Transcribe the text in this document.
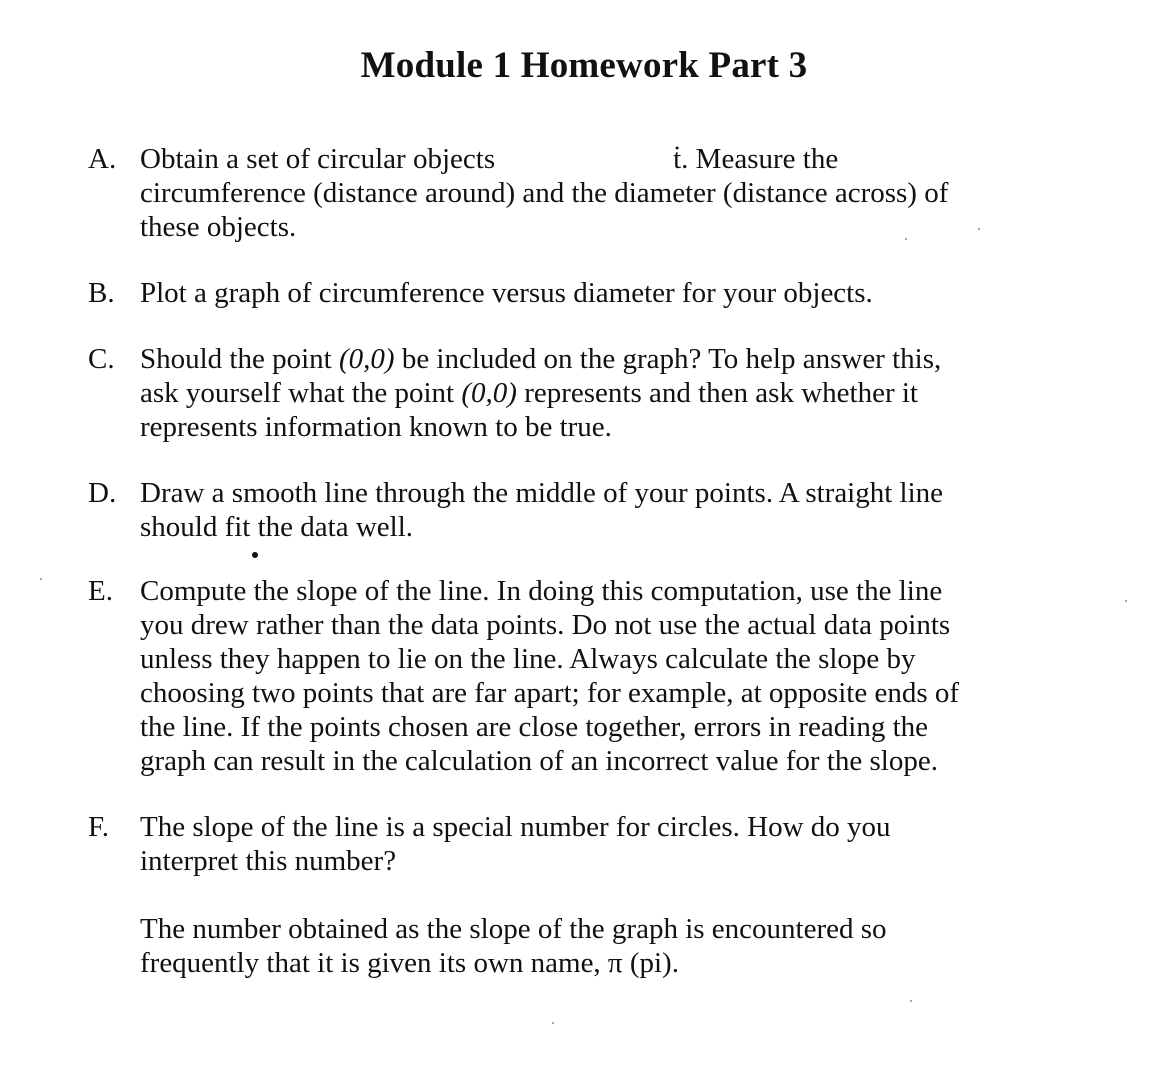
Module 1 Homework Part 3
A. Obtain a set of circular objects	ṫ. Measure the
circumference (distance around) and the diameter (distance across) of
these objects.
B. Plot a graph of circumference versus diameter for your objects.
C. Should the point (0,0) be included on the graph? To help answer this,
ask yourself what the point (0,0) represents and then ask whether it
represents information known to be true.
D. Draw a smooth line through the middle of your points. A straight line
should fit the data well.
E. Compute the slope of the line. In doing this computation, use the line
you drew rather than the data points. Do not use the actual data points
unless they happen to lie on the line. Always calculate the slope by
choosing two points that are far apart; for example, at opposite ends of
the line. If the points chosen are close together, errors in reading the
graph can result in the calculation of an incorrect value for the slope.
F.	The slope of the line is a special number for circles. How do you
interpret this number?
The number obtained as the slope of the graph is encountered so
frequently that it is given its own name, π (pi).
